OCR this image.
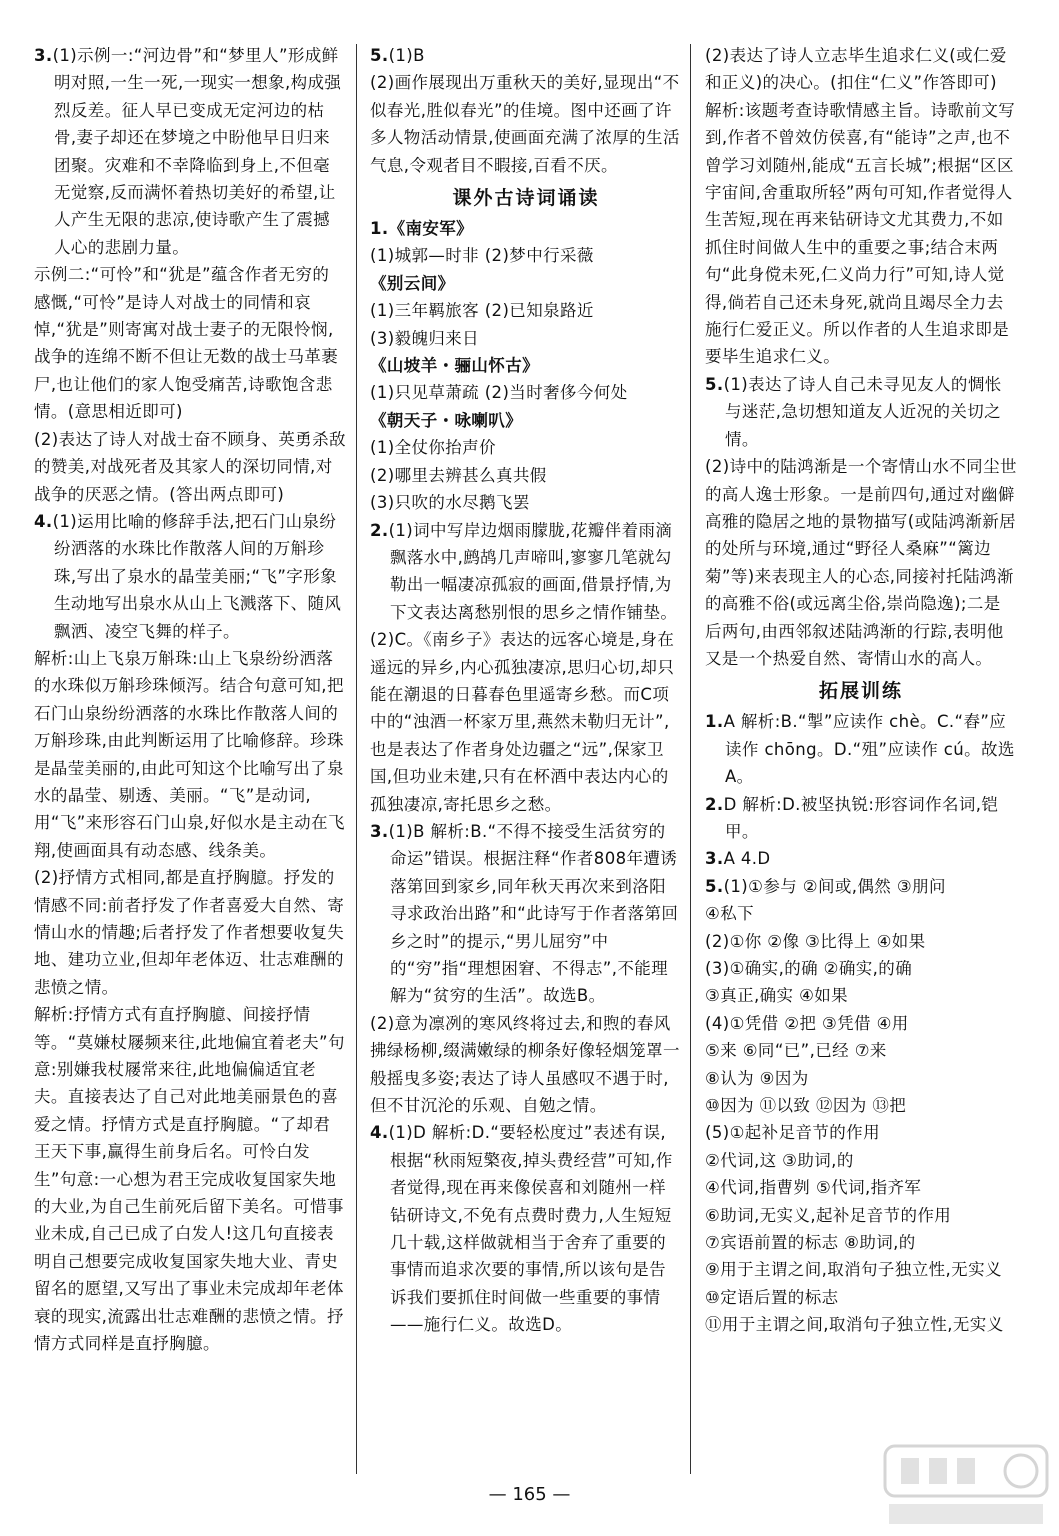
3.(1)示例一:“河边骨”和“梦里人”形成鲜明对照,一生一死,一现实一想象,构成强烈反差。征人早已变成无定河边的枯骨,妻子却还在梦境之中盼他早日归来团聚。灾难和不幸降临到身上,不但毫无觉察,反而满怀着热切美好的希望,让人产生无限的悲凉,使诗歌产生了震撼人心的悲剧力量。

示例二:“可怜”和“犹是”蕴含作者无穷的感慨,“可怜”是诗人对战士的同情和哀悼,“犹是”则寄寓对战士妻子的无限怜悯,战争的连绵不断不但让无数的战士马革裹尸,也让他们的家人饱受痛苦,诗歌饱含悲情。(意思相近即可)

(2)表达了诗人对战士奋不顾身、英勇杀敌的赞美,对战死者及其家人的深切同情,对战争的厌恶之情。(答出两点即可)

4.(1)运用比喻的修辞手法,把石门山泉纷纷洒落的水珠比作散落人间的万斛珍珠,写出了泉水的晶莹美丽;“飞”字形象生动地写出泉水从山上飞溅落下、随风飘洒、凌空飞舞的样子。

解析:山上飞泉万斛珠:山上飞泉纷纷洒落的水珠似万斛珍珠倾泻。结合句意可知,把石门山泉纷纷洒落的水珠比作散落人间的万斛珍珠,由此判断运用了比喻修辞。珍珠是晶莹美丽的,由此可知这个比喻写出了泉水的晶莹、剔透、美丽。“飞”是动词,用“飞”来形容石门山泉,好似水是主动在飞翔,使画面具有动态感、线条美。

(2)抒情方式相同,都是直抒胸臆。抒发的情感不同:前者抒发了作者喜爱大自然、寄情山水的情趣;后者抒发了作者想要收复失地、建功立业,但却年老体迈、壮志难酬的悲愤之情。

解析:抒情方式有直抒胸臆、间接抒情等。“莫嫌杖屦频来往,此地偏宜着老夫”句意:别嫌我杖屦常来往,此地偏偏适宜老夫。直接表达了自己对此地美丽景色的喜爱之情。抒情方式是直抒胸臆。“了却君王天下事,赢得生前身后名。可怜白发生”句意:一心想为君王完成收复国家失地的大业,为自己生前死后留下美名。可惜事业未成,自己已成了白发人!这几句直接表明自己想要完成收复国家失地大业、青史留名的愿望,又写出了事业未完成却年老体衰的现实,流露出壮志难酬的悲愤之情。抒情方式同样是直抒胸臆。

5.(1)B

(2)画作展现出万重秋天的美好,显现出“不似春光,胜似春光”的佳境。图中还画了许多人物活动情景,使画面充满了浓厚的生活气息,令观者目不暇接,百看不厌。

课外古诗词诵读

1.《南安军》

(1)城郭—时非 (2)梦中行采薇

《别云间》

(1)三年羁旅客 (2)已知泉路近

(3)毅魄归来日

《山坡羊・骊山怀古》

(1)只见草萧疏 (2)当时奢侈今何处

《朝天子・咏喇叭》

(1)全仗你抬声价

(2)哪里去辨甚么真共假

(3)只吹的水尽鹅飞罢

2.(1)词中写岸边烟雨朦胧,花瓣伴着雨滴飘落水中,鹧鸪几声啼叫,寥寥几笔就勾勒出一幅凄凉孤寂的画面,借景抒情,为下文表达离愁别恨的思乡之情作铺垫。

(2)C。《南乡子》表达的远客心境是,身在遥远的异乡,内心孤独凄凉,思归心切,却只能在潮退的日暮春色里遥寄乡愁。而C项中的“浊酒一杯家万里,燕然未勒归无计”,也是表达了作者身处边疆之“远”,保家卫国,但功业未建,只有在杯酒中表达内心的孤独凄凉,寄托思乡之愁。

3.(1)B 解析:B.“不得不接受生活贫穷的命运”错误。根据注释“作者808年遭诱落第回到家乡,同年秋天再次来到洛阳寻求政治出路”和“此诗写于作者落第回乡之时”的提示,“男儿屈穷”中的“穷”指“理想困窘、不得志”,不能理解为“贫穷的生活”。故选B。

(2)意为凛冽的寒风终将过去,和煦的春风拂绿杨柳,缀满嫩绿的柳条好像轻烟笼罩一般摇曳多姿;表达了诗人虽感叹不遇于时,但不甘沉沦的乐观、自勉之情。

4.(1)D 解析:D.“要轻松度过”表述有误,根据“秋雨短檠夜,掉头费经营”可知,作者觉得,现在再来像侯喜和刘随州一样钻研诗文,不免有点费时费力,人生短短几十载,这样做就相当于舍弃了重要的事情而追求次要的事情,所以该句是告诉我们要抓住时间做一些重要的事情——施行仁义。故选D。

(2)表达了诗人立志毕生追求仁义(或仁爱和正义)的决心。(扣住“仁义”作答即可)

解析:该题考查诗歌情感主旨。诗歌前文写到,作者不曾效仿侯喜,有“能诗”之声,也不曾学习刘随州,能成“五言长城”;根据“区区宇宙间,舍重取所轻”两句可知,作者觉得人生苦短,现在再来钻研诗文尤其费力,不如抓住时间做人生中的重要之事;结合末两句“此身傥未死,仁义尚力行”可知,诗人觉得,倘若自己还未身死,就尚且竭尽全力去施行仁爱正义。所以作者的人生追求即是要毕生追求仁义。

5.(1)表达了诗人自己未寻见友人的惆怅与迷茫,急切想知道友人近况的关切之情。

(2)诗中的陆鸿渐是一个寄情山水不同尘世的高人逸士形象。一是前四句,通过对幽僻高雅的隐居之地的景物描写(或陆鸿渐新居的处所与环境,通过“野径人桑麻”“篱边菊”等)来表现主人的心态,同接衬托陆鸿渐的高雅不俗(或远离尘俗,崇尚隐逸);二是后两句,由西邻叙述陆鸿渐的行踪,表明他又是一个热爱自然、寄情山水的高人。

拓展训练

1.A 解析:B.“掣”应读作 chè。C.“舂”应读作 chōng。D.“殂”应读作 cú。故选A。

2.D 解析:D.被坚执锐:形容词作名词,铠甲。

3.A 4.D

5.(1)①参与 ②间或,偶然 ③朋问

④私下

(2)①你 ②像 ③比得上 ④如果

(3)①确实,的确 ②确实,的确

③真正,确实 ④如果

(4)①凭借 ②把 ③凭借 ④用

⑤来 ⑥同“已”,已经 ⑦来

⑧认为 ⑨因为

⑩因为 ⑪以致 ⑫因为 ⑬把

(5)①起补足音节的作用

②代词,这 ③助词,的

④代词,指曹刿 ⑤代词,指齐军

⑥助词,无实义,起补足音节的作用

⑦宾语前置的标志 ⑧助词,的

⑨用于主谓之间,取消句子独立性,无实义

⑩定语后置的标志

⑪用于主谓之间,取消句子独立性,无实义

— 165 —
